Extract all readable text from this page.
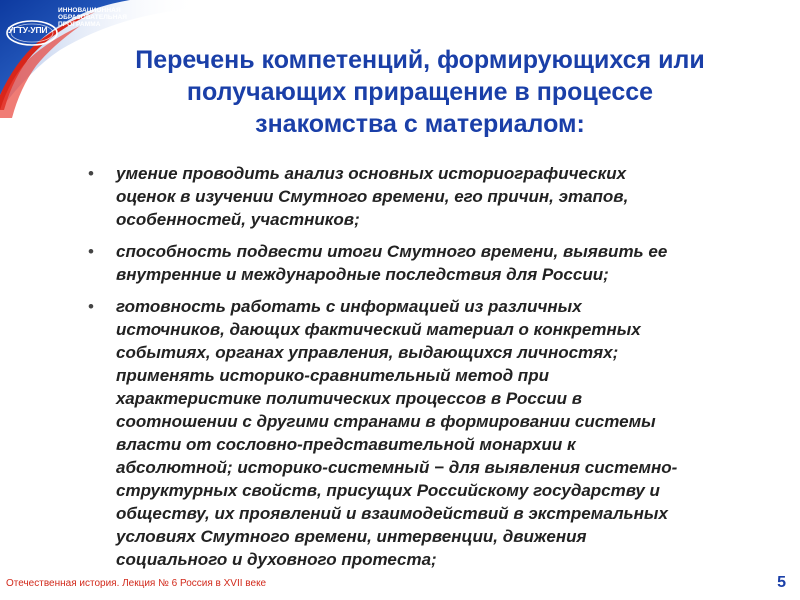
ИННОВАЦИОННАЯ
ОБРАЗОВАТЕЛЬНАЯ
ПРОГРАММА
УГТУ-УПИ
Перечень компетенций, формирующихся или
получающих приращение в процессе
знакомства с материалом:
• умение проводить анализ основных историографических
оценок в изучении Смутного времени, его причин, этапов,
особенностей, участников;
• способность подвести итоги Смутного времени, выявить ее
внутренние и международные последствия для России;
• готовность работать с информацией из различных
источников, дающих фактический материал о конкретных
событиях, органах управления, выдающихся личностях;
применять историко-сравнительный метод при
характеристике политических процессов в России в
соотношении с другими странами в формировании системы
власти от сословно-представительной монархии к
абсолютной; историко-системный − для выявления системно-
структурных свойств, присущих Российскому государству и
обществу, их проявлений и взаимодействий в экстремальных
условиях Смутного времени, интервенции, движения
социального и духовного протеста;
Отечественная история. Лекция № 6 Россия в XVII веке	5
